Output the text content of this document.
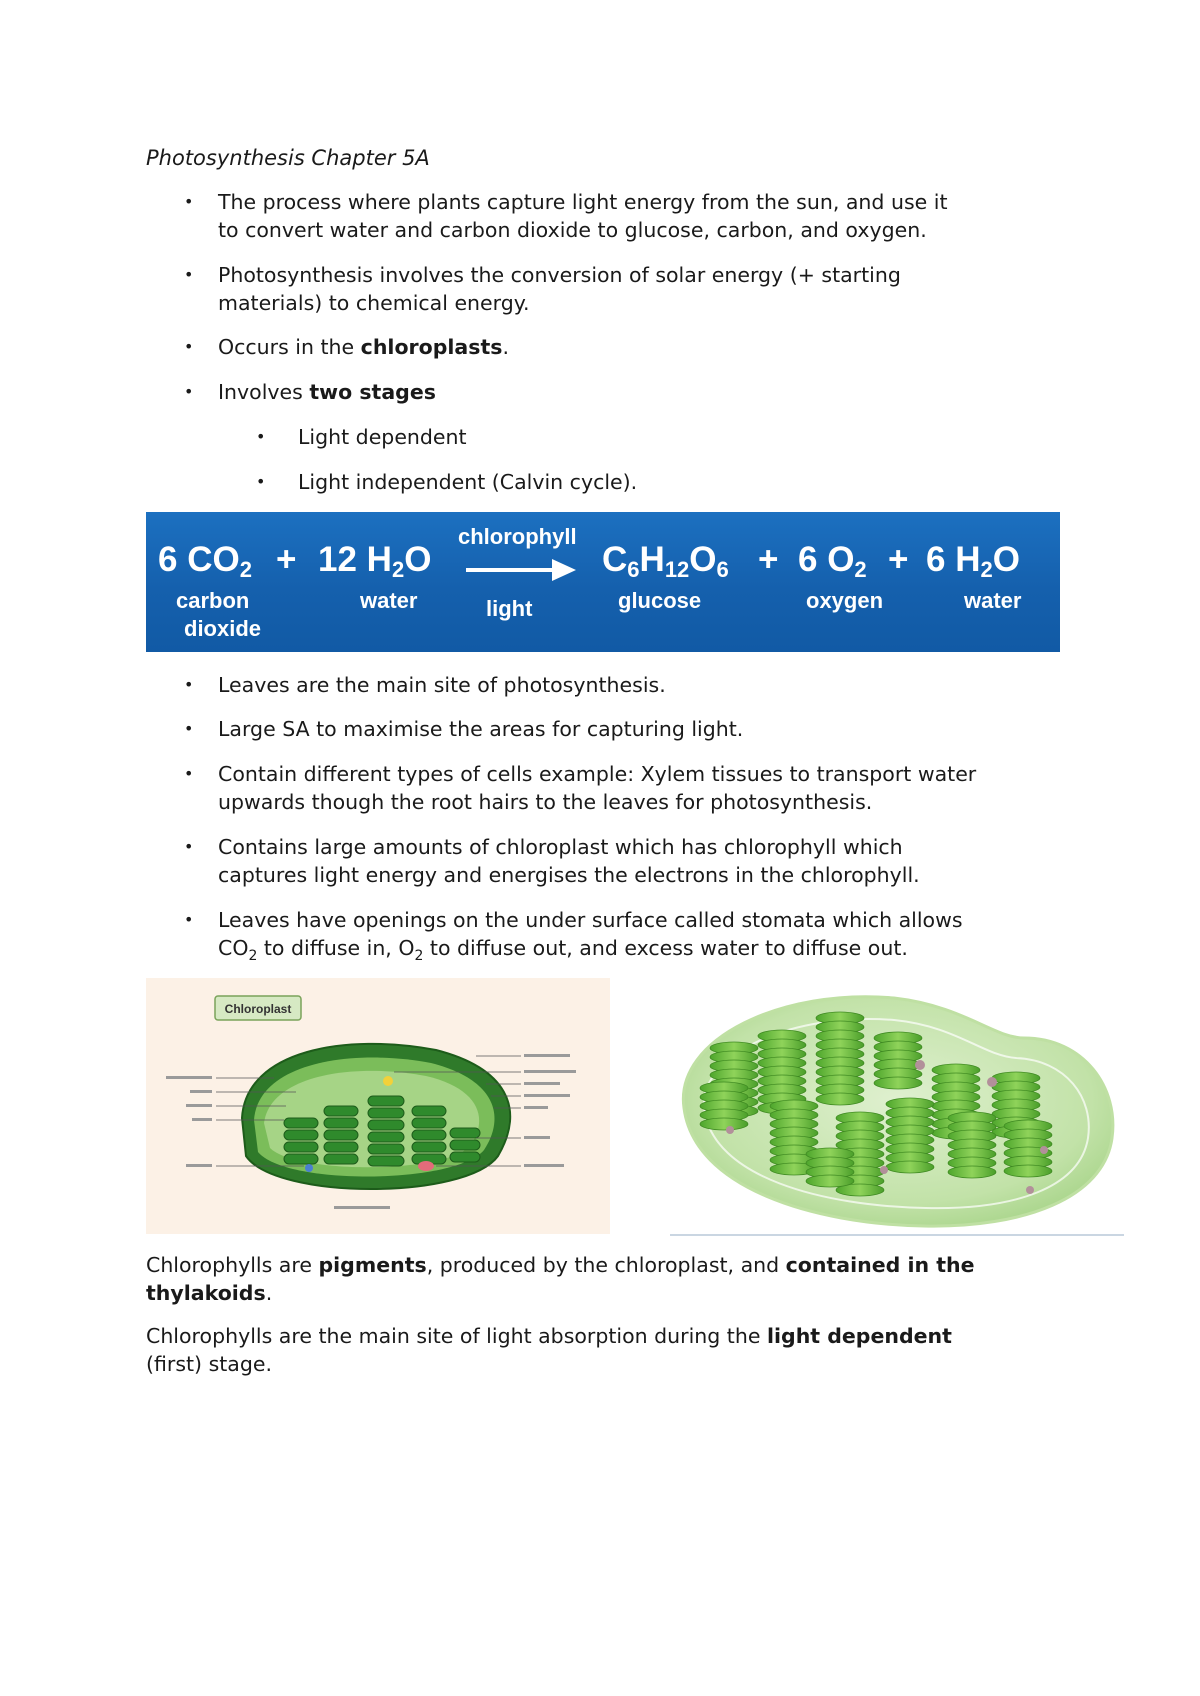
Photosynthesis Chapter 5A
• The process where plants capture light energy from the sun, and use it
to convert water and carbon dioxide to glucose, carbon, and oxygen.
• Photosynthesis involves the conversion of solar energy (+ starting
materials) to chemical energy.
• Occurs in the chloroplasts.
• Involves two stages
• Light dependent
• Light independent (Calvin cycle).
6 $CO_2$
carbon
dioxide
+ 12 $H_2O$
water
chlorophyll
light
$C_6H_{12}O_6$
glucose
+ 6 $O_2$
oxygen
+ 6 $H_2O$
water
• Leaves are the main site of photosynthesis.
• Large SA to maximise the areas for capturing light.
• Contain different types of cells example: Xylem tissues to transport water
upwards though the root hairs to the leaves for photosynthesis.
• Contains large amounts of chloroplast which has chlorophyll which
captures light energy and energises the electrons in the chlorophyll.
• Leaves have openings on the under surface called stomata which allows
$CO_2$ to diffuse in, $O_2$ to diffuse out, and excess water to diffuse out.
Chloroplast
Chlorophylls are pigments, produced by the chloroplast, and contained in the
thylakoids.
Chlorophylls are the main site of light absorption during the light dependent
(first) stage.
